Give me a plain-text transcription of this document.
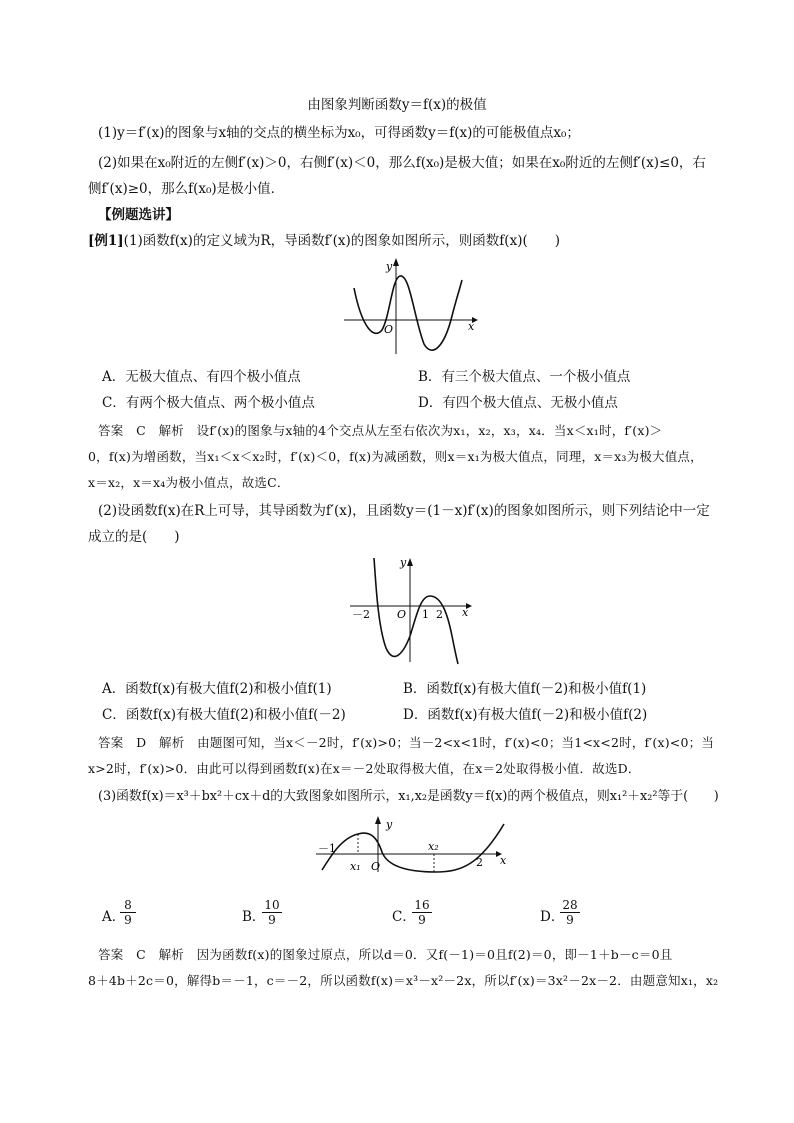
由图象判断函数y＝f(x)的极值
(1)y＝f′(x)的图象与x轴的交点的横坐标为x₀，可得函数y＝f(x)的可能极值点x₀；
(2)如果在x₀附近的左侧f′(x)＞0，右侧f′(x)＜0，那么f(x₀)是极大值；如果在x₀附近的左侧f′(x)≤0，右
侧f′(x)≥0，那么f(x₀)是极小值．
【例题选讲】
[例1](1)函数f(x)的定义域为R，导函数f′(x)的图象如图所示，则函数f(x)(　　)
y
x
O
A．无极大值点、有四个极小值点	B．有三个极大值点、一个极小值点
C．有两个极大值点、两个极小值点	D．有四个极大值点、无极小值点
答案　C　解析　设f′(x)的图象与x轴的4个交点从左至右依次为x₁，x₂，x₃，x₄．当x＜x₁时，f′(x)＞
0，f(x)为增函数，当x₁＜x＜x₂时，f′(x)＜0，f(x)为减函数，则x＝x₁为极大值点，同理，x＝x₃为极大值点，
x＝x₂，x＝x₄为极小值点，故选C．
(2)设函数f(x)在R上可导，其导函数为f′(x)，且函数y＝(1－x)f′(x)的图象如图所示，则下列结论中一定
成立的是(　　)
y
x
O
－2	1 2
A．函数f(x)有极大值f(2)和极小值f(1)	B．函数f(x)有极大值f(－2)和极小值f(1)
C．函数f(x)有极大值f(2)和极小值f(－2)	D．函数f(x)有极大值f(－2)和极小值f(2)
答案　D　解析　由题图可知，当x＜－2时，f′(x)>0；当－2<x<1时，f′(x)<0；当1<x<2时，f′(x)<0；当
x>2时，f′(x)>0．由此可以得到函数f(x)在x＝－2处取得极大值，在x＝2处取得极小值．故选D．
(3)函数f(x)＝x³＋bx²＋cx＋d的大致图象如图所示，x₁,x₂是函数y＝f(x)的两个极值点，则x₁²＋x₂²等于(　　)
y
x
O
－1
x₁
x₂
2
A．
$\frac{8}{9}$	B．
$\frac{10}{9}$	C．
$\frac{16}{9}$	D．
$\frac{28}{9}$
答案　C　解析　因为函数f(x)的图象过原点，所以d＝0．又f(－1)＝0且f(2)＝0，即－1＋b－c＝0且
8＋4b＋2c＝0，解得b＝－1，c＝－2，所以函数f(x)＝x³－x²－2x，所以f′(x)＝3x²－2x－2．由题意知x₁，x₂
